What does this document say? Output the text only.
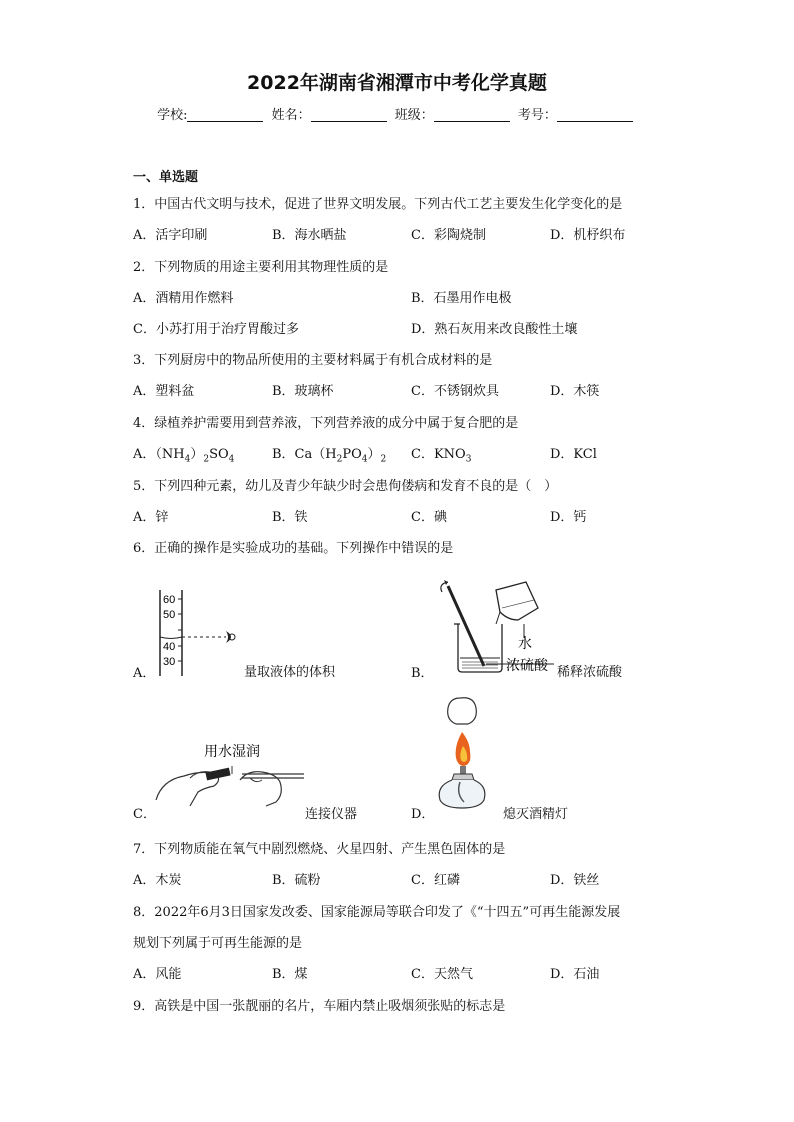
2022年湖南省湘潭市中考化学真题
学校:	姓名：	班级：	考号：
一、单选题
1．中国古代文明与技术，促进了世界文明发展。下列古代工艺主要发生化学变化的是
A．活字印刷	B．海水晒盐	C．彩陶烧制	D．机杼织布
2．下列物质的用途主要利用其物理性质的是
A．酒精用作燃料	B．石墨用作电极
C．小苏打用于治疗胃酸过多	D．熟石灰用来改良酸性土壤
3．下列厨房中的物品所使用的主要材料属于有机合成材料的是
A．塑料盆	B．玻璃杯	C．不锈钢炊具	D．木筷
4．绿植养护需要用到营养液，下列营养液的成分中属于复合肥的是
A．$(NH_4)_2SO_4$	B．$Ca(H_2PO_4)_2$ C．$KNO_3$	D．KCl
5．下列四种元素，幼儿及青少年缺少时会患佝偻病和发育不良的是（　）
A．锌	B．铁	C．碘	D．钙
6．正确的操作是实验成功的基础。下列操作中错误的是
60
50
40
30
A．	量取液体的体积
水
浓硫酸
B．	稀释浓硫酸
用水湿润
C．	连接仪器	D．	熄灭酒精灯
7．下列物质能在氧气中剧烈燃烧、火星四射、产生黑色固体的是
A．木炭	B．硫粉	C．红磷	D．铁丝
8．2022年6月3日国家发改委、国家能源局等联合印发了《“十四五”可再生能源发展
规划下列属于可再生能源的是
A．风能	B．煤	C．天然气	D．石油
9．高铁是中国一张靓丽的名片，车厢内禁止吸烟须张贴的标志是
